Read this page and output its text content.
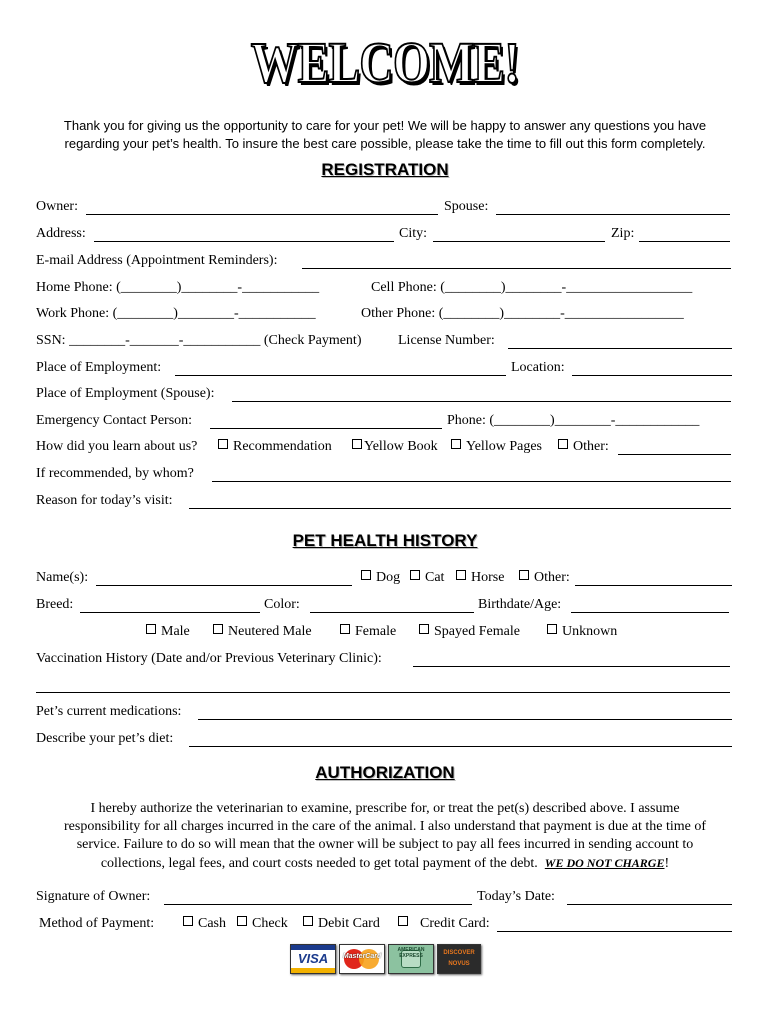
WELCOME!
Thank you for giving us the opportunity to care for your pet! We will be happy to answer any questions you have
regarding your pet’s health. To insure the best care possible, please take the time to fill out this form completely.
REGISTRATION
Owner:	Spouse:
Address:	City:	Zip:
E-mail Address (Appointment Reminders):
Home Phone: (________)________-___________	Cell Phone: (________)________-__________________
Work Phone: (________)________-___________	Other Phone: (________)________-_________________
SSN: ________-_______-___________ (Check Payment)	License Number:
Place of Employment:	Location:
Place of Employment (Spouse):
Emergency Contact Person:	Phone: (________)________-____________
How did you learn about us?	Recommendation	Yellow Book	Yellow Pages	Other:
If recommended, by whom?
Reason for today’s visit:
PET HEALTH HISTORY
Name(s):	Dog	Cat	Horse	Other:
Breed:	Color:	Birthdate/Age:
Male	Neutered Male	Female	Spayed Female	Unknown
Vaccination History (Date and/or Previous Veterinary Clinic):
Pet’s current medications:
Describe your pet’s diet:
AUTHORIZATION
I hereby authorize the veterinarian to examine, prescribe for, or treat the pet(s) described above. I assume
responsibility for all charges incurred in the care of the animal. I also understand that payment is due at the time of
service. Failure to do so will mean that the owner will be subject to pay all fees incurred in sending account to
collections, legal fees, and court costs needed to get total payment of the debt. WE DO NOT CHARGE!
Signature of Owner:	Today’s Date:
Method of Payment:	Cash	Check	Debit Card	Credit Card:
VISA	MasterCard
AMERICAN EXPRESS	DISCOVER NOVUS
